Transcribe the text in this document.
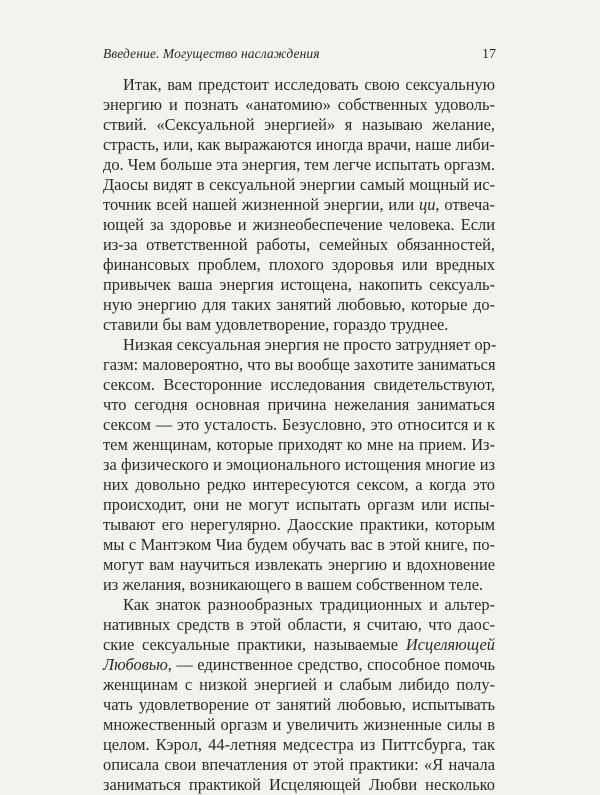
Введение. Могущество наслаждения	17

Итак, вам предстоит исследовать свою сексуальную
энергию и познать «анатомию» собственных удоволь-
ствий. «Сексуальной энергией» я называю желание,
страсть, или, как выражаются иногда врачи, наше либи-
до. Чем больше эта энергия, тем легче испытать оргазм.
Даосы видят в сексуальной энергии самый мощный ис-
точник всей нашей жизненной энергии, или ци, отвеча-
ющей за здоровье и жизнеобеспечение человека. Если
из-за ответственной работы, семейных обязанностей,
финансовых проблем, плохого здоровья или вредных
привычек ваша энергия истощена, накопить сексуаль-
ную энергию для таких занятий любовью, которые до-
ставили бы вам удовлетворение, гораздо труднее.

Низкая сексуальная энергия не просто затрудняет ор-
газм: маловероятно, что вы вообще захотите заниматься
сексом. Всесторонние исследования свидетельствуют,
что сегодня основная причина нежелания заниматься
сексом — это усталость. Безусловно, это относится и к
тем женщинам, которые приходят ко мне на прием. Из-
за физического и эмоционального истощения многие из
них довольно редко интересуются сексом, а когда это
происходит, они не могут испытать оргазм или испы-
тывают его нерегулярно. Даосские практики, которым
мы с Мантэком Чиа будем обучать вас в этой книге, по-
могут вам научиться извлекать энергию и вдохновение
из желания, возникающего в вашем собственном теле.

Как знаток разнообразных традиционных и альтер-
нативных средств в этой области, я считаю, что даос-
ские сексуальные практики, называемые Исцеляющей
Любовью, — единственное средство, способное помочь
женщинам с низкой энергией и слабым либидо полу-
чать удовлетворение от занятий любовью, испытывать
множественный оргазм и увеличить жизненные силы в
целом. Кэрол, 44-летняя медсестра из Питтсбурга, так
описала свои впечатления от этой практики: «Я начала
заниматься практикой Исцеляющей Любви несколько
